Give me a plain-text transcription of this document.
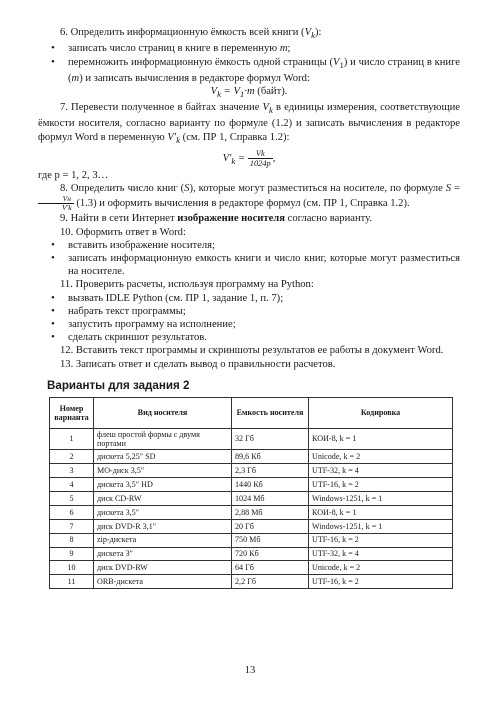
6. Определить информационную ёмкость всей книги $(V_k)$:

• записать число страниц в книге в переменную m;
• перемножить информационную ёмкость одной страницы $(V_1)$ и число страниц в книге (m) и записать вычисления в редакторе формул Word:

$V_k = V_1\cdot m$ (байт).

7. Перевести полученное в байтах значение $V_k$ в единицы измерения, соответствующие ёмкости носителя, согласно варианту по формуле (1.2) и записать вычисления в редакторе формул Word в переменную $V'_k$ (см. ПР 1, Справка 1.2):

$V'_k = \frac{Vk}{1024p}$ ,

где p = 1, 2, 3…

8. Определить число книг (S), которые могут разместиться на носителе, по формуле S =
$\frac{Vн}{V'k} (1.3)$ и оформить вычисления в редакторе формул (см. ПР 1, Справка 1.2).

9. Найти в сети Интернет изображение носителя согласно варианту.

10. Оформить ответ в Word:

• вставить изображение носителя;
• записать информационную емкость книги и число книг, которые могут разместиться на носителе.

11. Проверить расчеты, используя программу на Python:

• вызвать IDLE Python (см. ПР 1, задание 1, п. 7);
• набрать текст программы;
• запустить программу на исполнение;
• сделать скриншот результатов.

12. Вставить текст программы и скриншоты результатов ее работы в документ Word.

13. Записать ответ и сделать вывод о правильности расчетов.

Варианты для задания 2
Номер варианта	Вид носителя	Емкость носителя	Кодировка
1	флеш простой формы с двумя портами	32 Гб	КОИ-8, k = 1
2	дискета 5,25″ SD	89,6 Кб	Unicode, k = 2
3	МО-диск 3,5″	2,3 Гб	UTF-32, k = 4
4	дискета 3,5″ HD	1440 Кб	UTF-16, k = 2
5	диск CD-RW	1024 Мб	Windows-1251, k = 1
6	дискета 3,5″	2,88 Мб	КОИ-8, k = 1
7	диск DVD-R 3,1″	20 Гб	Windows-1251, k = 1
8	zip-дискета	750 Мб	UTF-16, k = 2
9	дискета 3″	720 Кб	UTF-32, k = 4
10	диск DVD-RW	64 Гб	Unicode, k = 2
11	ORB-дискета	2,2 Гб	UTF-16, k = 2
13
